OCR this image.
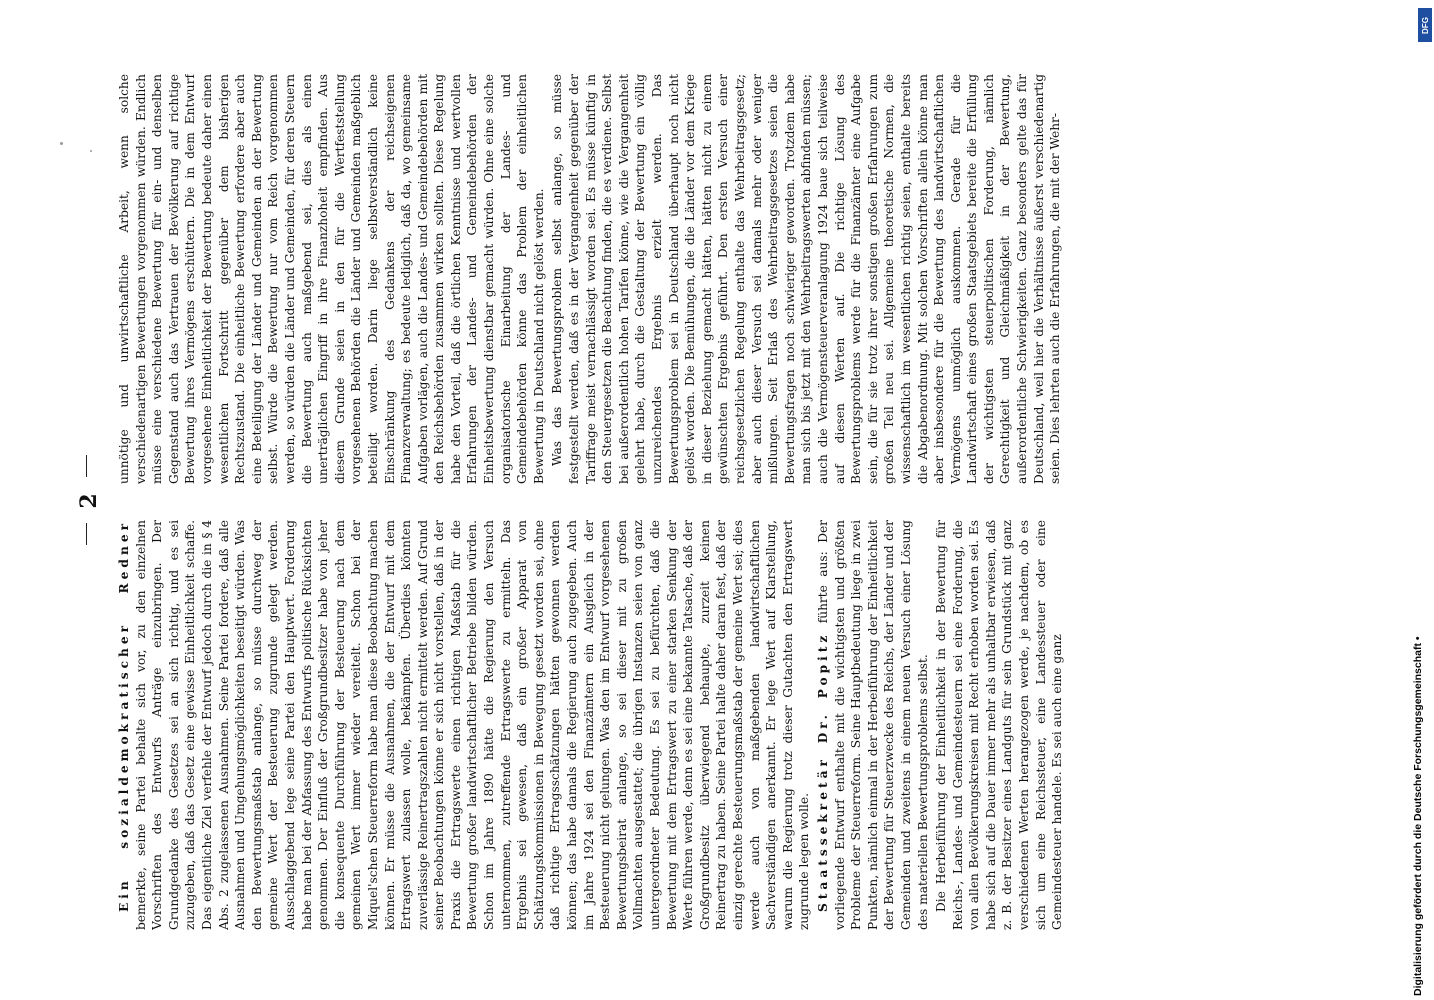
2

Ein sozialdemokratischer Redner bemerkte, seine Partei behalte sich vor, zu den einzelnen Vorschriften des Entwurfs Anträge einzubringen. Der Grundgedanke des Gesetzes sei an sich richtig, und es sei zuzugeben, daß das Gesetz eine gewisse Einheitlichkeit schaffe. Das eigentliche Ziel verfehle der Entwurf jedoch durch die in § 4 Abs. 2 zugelassenen Ausnahmen. Seine Partei fordere, daß alle Ausnahmen und Umgehungsmöglichkeiten beseitigt würden. Was den Bewertungsmaßstab anlange, so müsse durchweg der gemeine Wert der Besteuerung zugrunde gelegt werden. Ausschlaggebend lege seine Partei den Hauptwert. Forderung habe man bei der Abfassung des Entwurfs politische Rücksichten genommen. Der Einfluß der Großgrundbesitzer habe von jeher die konsequente Durchführung der Besteuerung nach dem gemeinen Wert immer wieder vereitelt. Schon bei der Miquel'schen Steuerreform habe man diese Beobachtung machen können. Er müsse die Ausnahmen, die der Entwurf mit dem Ertragswert zulassen wolle, bekämpfen. Überdies könnten zuverlässige Reinertragszahlen nicht ermittelt werden. Auf Grund seiner Beobachtungen könne er sich nicht vorstellen, daß in der Praxis die Ertragswerte einen richtigen Maßstab für die Bewertung großer landwirtschaftlicher Betriebe bilden würden. Schon im Jahre 1890 hätte die Regierung den Versuch unternommen, zutreffende Ertragswerte zu ermitteln. Das Ergebnis sei gewesen, daß ein großer Apparat von Schätzungskommissionen in Bewegung gesetzt worden sei, ohne daß richtige Ertragsschätzungen hätten gewonnen werden können; das habe damals die Regierung auch zugegeben. Auch im Jahre 1924 sei den Finanzämtern ein Ausgleich in der Besteuerung nicht gelungen. Was den im Entwurf vorgesehenen Bewertungsbeirat anlange, so sei dieser mit zu großen Vollmachten ausgestattet; die übrigen Instanzen seien von ganz untergeordneter Bedeutung. Es sei zu befürchten, daß die Bewertung mit dem Ertragswert zu einer starken Senkung der Werte führen werde, denn es sei eine bekannte Tatsache, daß der Großgrundbesitz überwiegend behaupte, zurzeit keinen Reinertrag zu haben. Seine Partei halte daher daran fest, daß der einzig gerechte Besteuerungsmaßstab der gemeine Wert sei; dies werde auch von maßgebenden landwirtschaftlichen Sachverständigen anerkannt. Er lege Wert auf Klarstellung, warum die Regierung trotz dieser Gutachten den Ertragswert zugrunde legen wolle. Staatssekretär Dr. Popitz führte aus: Der vorliegende Entwurf enthalte mit die wichtigsten und größten Probleme der Steuerreform. Seine Hauptbedeutung liege in zwei Punkten, nämlich einmal in der Herbeiführung der Einheitlichkeit der Bewertung für Steuerzwecke des Reichs, der Länder und der Gemeinden und zweitens in einem neuen Versuch einer Lösung des materiellen Bewertungsproblems selbst. Die Herbeiführung der Einheitlichkeit in der Bewertung für Reichs-, Landes- und Gemeindesteuern sei eine Forderung, die von allen Bevölkerungskreisen mit Recht erhoben worden sei. Es habe sich auf die Dauer immer mehr als unhaltbar erwiesen, daß z. B. der Besitzer eines Landguts für sein Grundstück mit ganz verschiedenen Werten herangezogen werde, je nachdem, ob es sich um eine Reichssteuer, eine Landessteuer oder eine Gemeindesteuer handele. Es sei auch eine ganz

unnötige und unwirtschaftliche Arbeit, wenn solche verschiedenartigen Bewertungen vorgenommen würden. Endlich müsse eine verschiedene Bewertung für ein- und denselben Gegenstand auch das Vertrauen der Bevölkerung auf richtige Bewertung ihres Vermögens erschüttern. Die in dem Entwurf vorgesehene Einheitlichkeit der Bewertung bedeute daher einen wesentlichen Fortschritt gegenüber dem bisherigen Rechtszustand. Die einheitliche Bewertung erfordere aber auch eine Beteiligung der Länder und Gemeinden an der Bewertung selbst. Würde die Bewertung nur vom Reich vorgenommen werden, so würden die Länder und Gemeinden, für deren Steuern die Bewertung auch maßgebend sei, dies als einen unerträglichen Eingriff in ihre Finanzhoheit empfinden. Aus diesem Grunde seien in den für die Wertfeststellung vorgesehenen Behörden die Länder und Gemeinden maßgeblich beteiligt worden. Darin liege selbstverständlich keine Einschränkung des Gedankens der reichseigenen Finanzverwaltung; es bedeute lediglich, daß da, wo gemeinsame Aufgaben vorlägen, auch die Landes- und Gemeindebehörden mit den Reichsbehörden zusammen wirken sollten. Diese Regelung habe den Vorteil, daß die örtlichen Kenntnisse und wertvollen Erfahrungen der Landes- und Gemeindebehörden der Einheitsbewertung dienstbar gemacht würden. Ohne eine solche organisatorische Einarbeitung der Landes- und Gemeindebehörden könne das Problem der einheitlichen Bewertung in Deutschland nicht gelöst werden. Was das Bewertungsproblem selbst anlange, so müsse festgestellt werden, daß es in der Vergangenheit gegenüber der Tariffrage meist vernachlässigt worden sei. Es müsse künftig in den Steuergesetzen die Beachtung finden, die es verdiene. Selbst bei außerordentlich hohen Tarifen könne, wie die Vergangenheit gelehrt habe, durch die Gestaltung der Bewertung ein völlig unzureichendes Ergebnis erzielt werden. Das Bewertungsproblem sei in Deutschland überhaupt noch nicht gelöst worden. Die Bemühungen, die die Länder vor dem Kriege in dieser Beziehung gemacht hätten, hätten nicht zu einem gewünschten Ergebnis geführt. Den ersten Versuch einer reichsgesetzlichen Regelung enthalte das Wehrbeitragsgesetz; aber auch dieser Versuch sei damals mehr oder weniger mißlungen. Seit Erlaß des Wehrbeitragsgesetzes seien die Bewertungsfragen noch schwieriger geworden. Trotzdem habe man sich bis jetzt mit den Wehrbeitragswerten abfinden müssen; auch die Vermögensteuerveranlagung 1924 baue sich teilweise auf diesen Werten auf. Die richtige Lösung des Bewertungsproblems werde für die Finanzämter eine Aufgabe sein, die für sie trotz ihrer sonstigen großen Erfahrungen zum großen Teil neu sei. Allgemeine theoretische Normen, die wissenschaftlich im wesentlichen richtig seien, enthalte bereits die Abgabenordnung. Mit solchen Vorschriften allein könne man aber insbesondere für die Bewertung des landwirtschaftlichen Vermögens unmöglich auskommen. Gerade für die Landwirtschaft eines großen Staatsgebiets bereite die Erfüllung der wichtigsten steuerpolitischen Forderung, nämlich Gerechtigkeit und Gleichmäßigkeit in der Bewertung, außerordentliche Schwierigkeiten. Ganz besonders gelte das für Deutschland, weil hier die Verhältnisse äußerst verschiedenartig seien. Dies lehrten auch die Erfahrungen, die mit der Wehr-

Digitalisierung gefördert durch die Deutsche Forschungsgemeinschaft •
DFG
